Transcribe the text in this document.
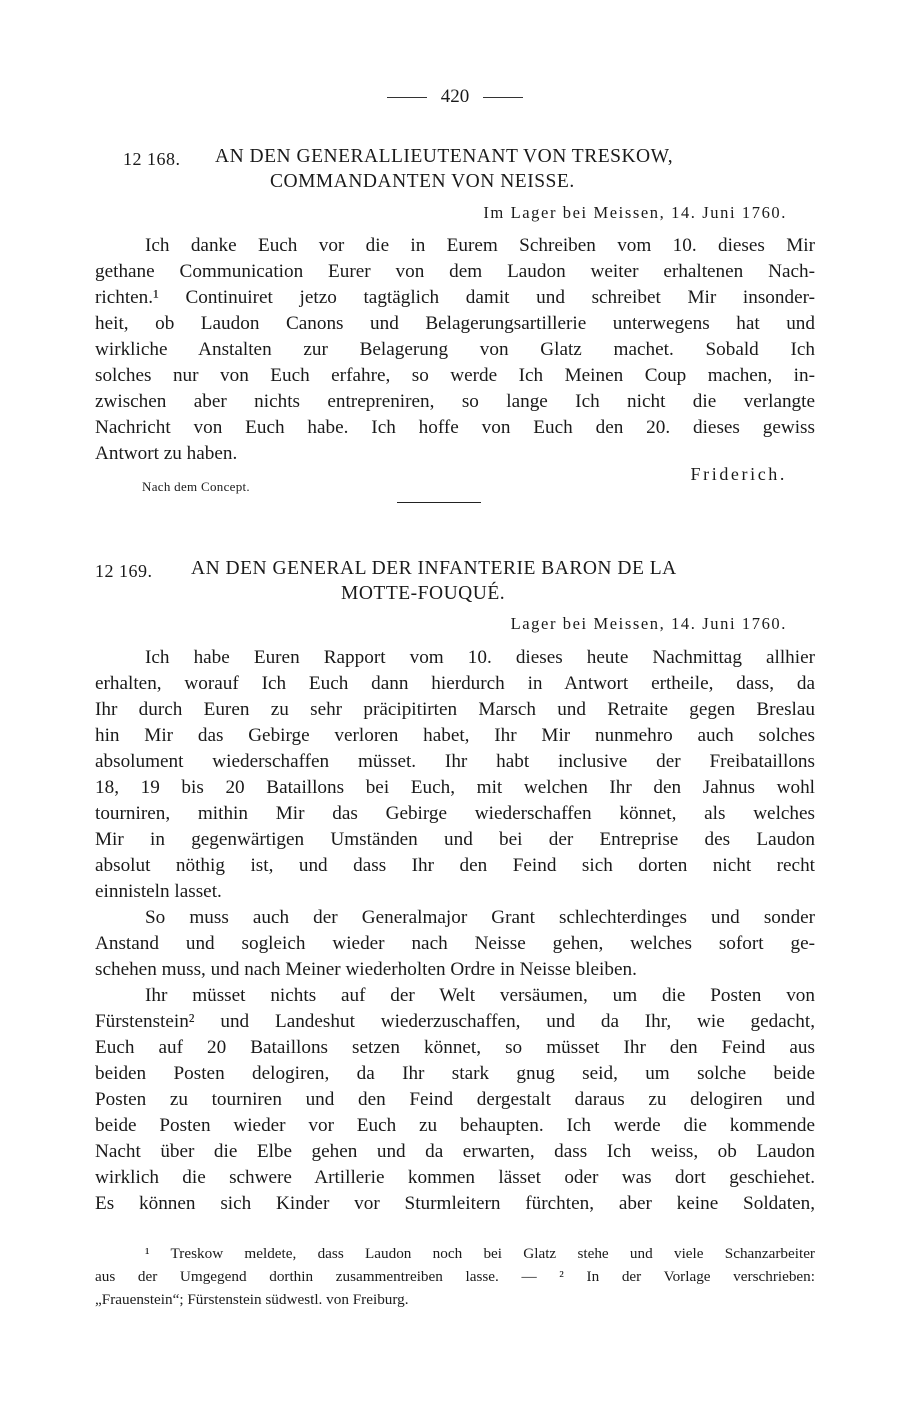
420
12 168. AN DEN GENERALLIEUTENANT VON TRESKOW,
COMMANDANTEN VON NEISSE.
Im Lager bei Meissen, 14. Juni 1760.
Ich danke Euch vor die in Eurem Schreiben vom 10. dieses Mir
gethane Communication Eurer von dem Laudon weiter erhaltenen Nach-
richten.¹ Continuiret jetzo tagtäglich damit und schreibet Mir insonder-
heit, ob Laudon Canons und Belagerungsartillerie unterwegens hat und
wirkliche Anstalten zur Belagerung von Glatz machet. Sobald Ich
solches nur von Euch erfahre, so werde Ich Meinen Coup machen, in-
zwischen aber nichts entrepreniren, so lange Ich nicht die verlangte
Nachricht von Euch habe. Ich hoffe von Euch den 20. dieses gewiss
Antwort zu haben.
Friderich.
Nach dem Concept.
12 169. AN DEN GENERAL DER INFANTERIE BARON DE LA
MOTTE-FOUQUÉ.
Lager bei Meissen, 14. Juni 1760.
Ich habe Euren Rapport vom 10. dieses heute Nachmittag allhier
erhalten, worauf Ich Euch dann hierdurch in Antwort ertheile, dass, da
Ihr durch Euren zu sehr präcipitirten Marsch und Retraite gegen Breslau
hin Mir das Gebirge verloren habet, Ihr Mir nunmehro auch solches
absolument wiederschaffen müsset. Ihr habt inclusive der Freibataillons
18, 19 bis 20 Bataillons bei Euch, mit welchen Ihr den Jahnus wohl
tourniren, mithin Mir das Gebirge wiederschaffen könnet, als welches
Mir in gegenwärtigen Umständen und bei der Entreprise des Laudon
absolut nöthig ist, und dass Ihr den Feind sich dorten nicht recht
einnisteln lasset.
So muss auch der Generalmajor Grant schlechterdinges und sonder
Anstand und sogleich wieder nach Neisse gehen, welches sofort ge-
schehen muss, und nach Meiner wiederholten Ordre in Neisse bleiben.
Ihr müsset nichts auf der Welt versäumen, um die Posten von
Fürstenstein² und Landeshut wiederzuschaffen, und da Ihr, wie gedacht,
Euch auf 20 Bataillons setzen könnet, so müsset Ihr den Feind aus
beiden Posten delogiren, da Ihr stark gnug seid, um solche beide
Posten zu tourniren und den Feind dergestalt daraus zu delogiren und
beide Posten wieder vor Euch zu behaupten. Ich werde die kommende
Nacht über die Elbe gehen und da erwarten, dass Ich weiss, ob Laudon
wirklich die schwere Artillerie kommen lässet oder was dort geschiehet.
Es können sich Kinder vor Sturmleitern fürchten, aber keine Soldaten,
¹ Treskow meldete, dass Laudon noch bei Glatz stehe und viele Schanzarbeiter
aus der Umgegend dorthin zusammentreiben lasse. — ² In der Vorlage verschrieben:
„Frauenstein“; Fürstenstein südwestl. von Freiburg.
